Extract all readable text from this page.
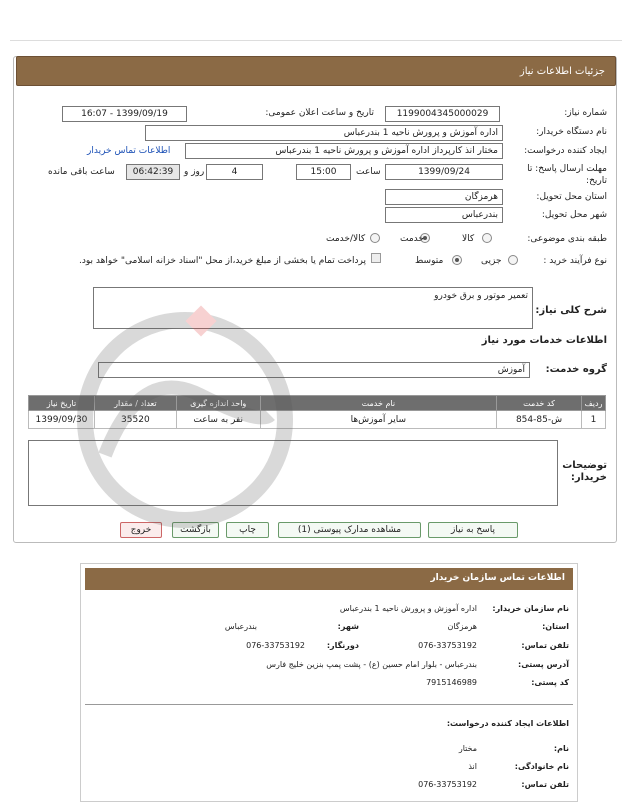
جزئیات اطلاعات نیاز
شماره نیاز:
1199004345000029
تاریخ و ساعت اعلان عمومی:
1399/09/19 - 16:07
نام دستگاه خریدار:
اداره آموزش و پرورش ناحیه 1 بندرعباس
ایجاد کننده درخواست:
مختار انذ کارپرداز اداره آموزش و پرورش ناحیه 1 بندرعباس
اطلاعات تماس خریدار
مهلت ارسال پاسخ: تا تاریخ:
1399/09/24
ساعت
15:00
4
روز و
06:42:39
ساعت باقی مانده
استان محل تحویل:
هرمزگان
شهر محل تحویل:
بندرعباس
طبقه بندی موضوعی:
کالا
خدمت
کالا/خدمت
نوع فرآیند خرید :
جزیی
متوسط
پرداخت تمام یا بخشی از مبلغ خرید،از محل "اسناد خزانه اسلامی" خواهد بود.
شرح کلی نیاز:
تعمیر موتور و برق خودرو
اطلاعات خدمات مورد نیاز
گروه خدمت:
آموزش
تاریخ نیاز	تعداد / مقدار	واحد اندازه گیری	نام خدمت	کد خدمت	ردیف
1399/09/30	35520	نفر به ساعت	سایر آموزش‌ها	ش-85-854	1
توضیحات خریدار:
پاسخ به نیاز
مشاهده مدارک پیوستی (1)
چاپ
بازگشت
خروج
اطلاعات تماس سازمان خریدار
نام سازمان خریدار:
اداره آموزش و پرورش ناحیه 1 بندرعباس
استان:
هرمزگان
شهر:
بندرعباس
تلفن تماس:
076-33753192
دورنگار:
076-33753192
آدرس پستی:
بندرعباس - بلوار امام حسین (ع) - پشت پمپ بنزین خلیج فارس
کد پستی:
7915146989
اطلاعات ایجاد کننده درخواست:
نام:
مختار
نام خانوادگی:
انذ
تلفن تماس:
076-33753192
